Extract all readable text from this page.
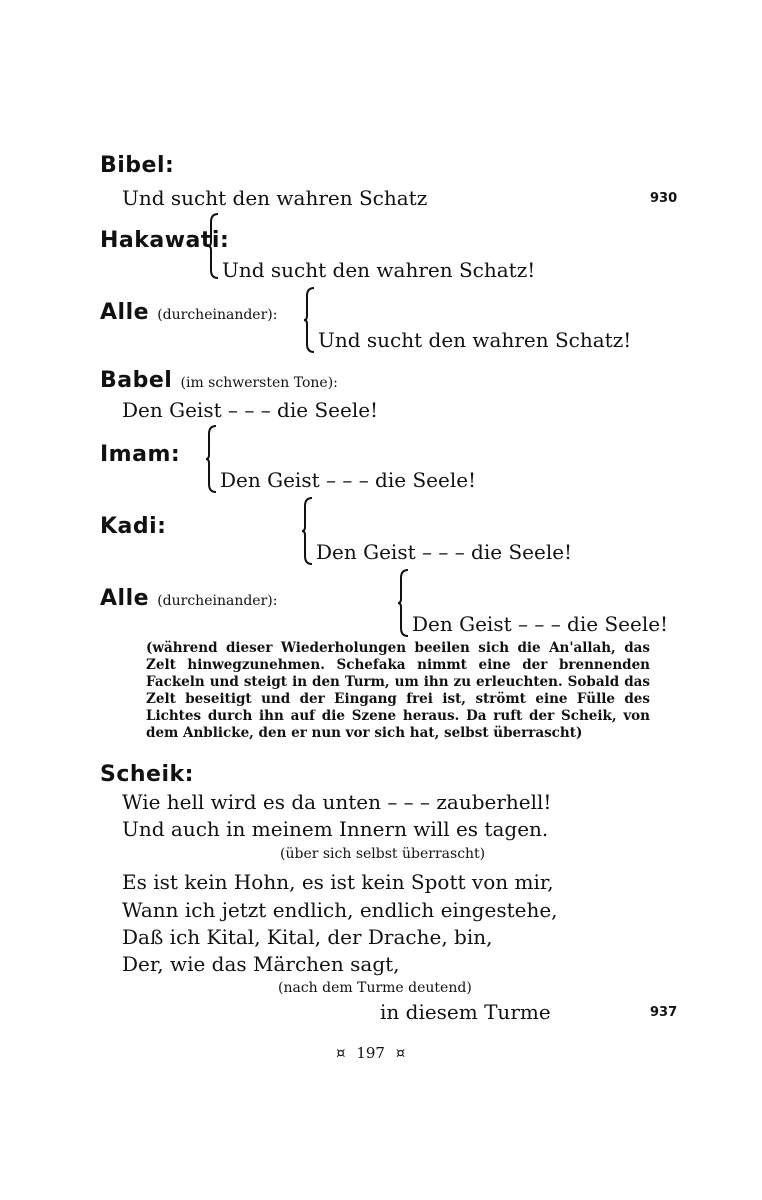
Bibel:
Und sucht den wahren Schatz	930
Hakawati:
Und sucht den wahren Schatz!
Alle (durcheinander):
Und sucht den wahren Schatz!
Babel (im schwersten Tone):
Den Geist – – – die Seele!
Imam:
Den Geist – – – die Seele!
Kadi:
Den Geist – – – die Seele!
Alle (durcheinander):
Den Geist – – – die Seele!
(während dieser Wiederholungen beeilen sich die An'allah, das Zelt hinwegzunehmen. Schefaka nimmt eine der brennenden Fackeln und steigt in den Turm, um ihn zu erleuchten. Sobald das Zelt beseitigt und der Eingang frei ist, strömt eine Fülle des Lichtes durch ihn auf die Szene heraus. Da ruft der Scheik, von dem Anblicke, den er nun vor sich hat, selbst überrascht)
Scheik:
Wie hell wird es da unten – – – zauberhell!
Und auch in meinem Innern will es tagen.
(über sich selbst überrascht)
Es ist kein Hohn, es ist kein Spott von mir,
Wann ich jetzt endlich, endlich eingestehe,
Daß ich Kital, Kital, der Drache, bin,
Der, wie das Märchen sagt,
(nach dem Turme deutend)
in diesem Turme	937
¤ 197 ¤
